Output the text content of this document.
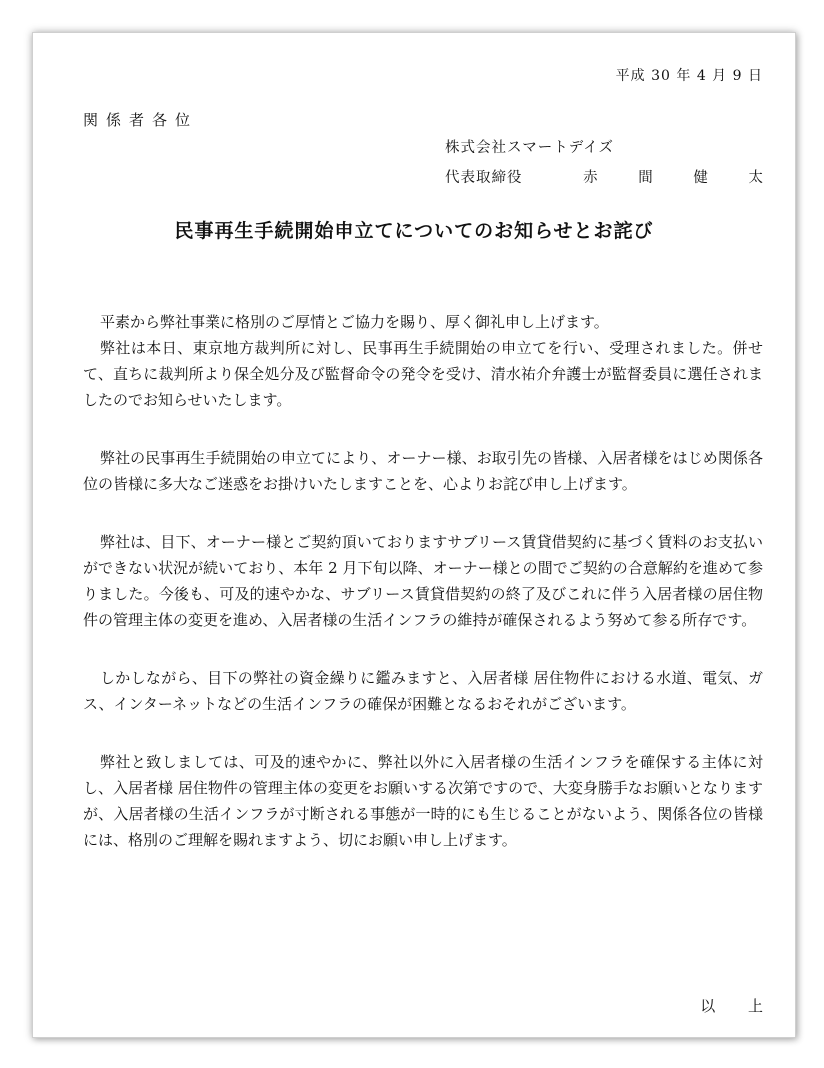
平成 30 年 4 月 9 日
関係者各位
株式会社スマートデイズ
代表取締役	赤 間 健 太
民事再生手続開始申立てについてのお知らせとお詫び

平素から弊社事業に格別のご厚情とご協力を賜り、厚く御礼申し上げます。

弊社は本日、東京地方裁判所に対し、民事再生手続開始の申立てを行い、受理されました。併せて、直ちに裁判所より保全処分及び監督命令の発令を受け、清水祐介弁護士が監督委員に選任されましたのでお知らせいたします。

弊社の民事再生手続開始の申立てにより、オーナー様、お取引先の皆様、入居者様をはじめ関係各位の皆様に多大なご迷惑をお掛けいたしますことを、心よりお詫び申し上げます。

弊社は、目下、オーナー様とご契約頂いておりますサブリース賃貸借契約に基づく賃料のお支払いができない状況が続いており、本年 2 月下旬以降、オーナー様との間でご契約の合意解約を進めて参りました。今後も、可及的速やかな、サブリース賃貸借契約の終了及びこれに伴う入居者様の居住物件の管理主体の変更を進め、入居者様の生活インフラの維持が確保されるよう努めて参る所存です。

しかしながら、目下の弊社の資金繰りに鑑みますと、入居者様 居住物件における水道、電気、ガス、インターネットなどの生活インフラの確保が困難となるおそれがございます。

弊社と致しましては、可及的速やかに、弊社以外に入居者様の生活インフラを確保する主体に対し、入居者様 居住物件の管理主体の変更をお願いする次第ですので、大変身勝手なお願いとなりますが、入居者様の生活インフラが寸断される事態が一時的にも生じることがないよう、関係各位の皆様には、格別のご理解を賜れますよう、切にお願い申し上げます。

以 上
